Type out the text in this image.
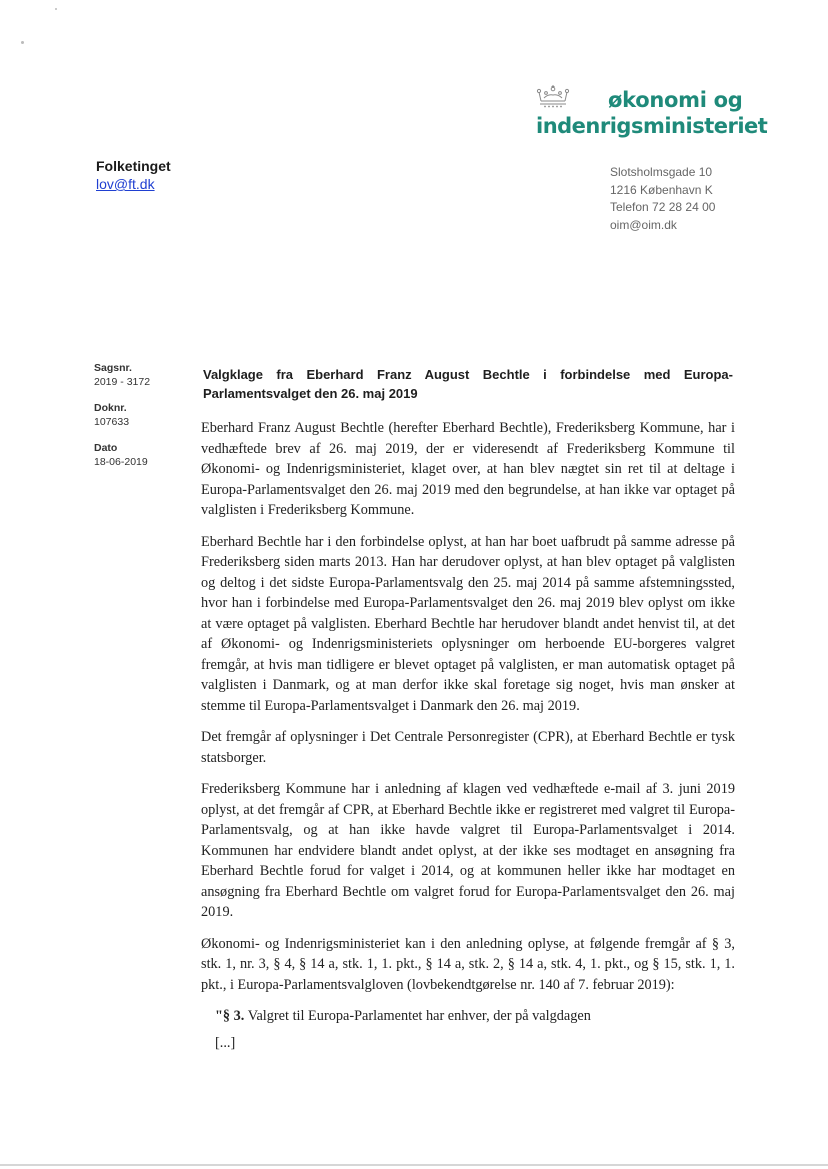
økonomi og
indenrigsministeriet
Folketinget
lov@ft.dk
Slotsholmsgade 10
1216 København K
Telefon 72 28 24 00
oim@oim.dk
Sagsnr.
2019 - 3172
Doknr.
107633
Dato
18-06-2019
Valgklage fra Eberhard Franz August Bechtle i forbindelse med Europa-Parlamentsvalget den 26. maj 2019

Eberhard Franz August Bechtle (herefter Eberhard Bechtle), Frederiksberg Kommune, har i vedhæftede brev af 26. maj 2019, der er videresendt af Frederiksberg Kommune til Økonomi- og Indenrigsministeriet, klaget over, at han blev nægtet sin ret til at deltage i Europa-Parlamentsvalget den 26. maj 2019 med den begrundelse, at han ikke var optaget på valglisten i Frederiksberg Kommune.

Eberhard Bechtle har i den forbindelse oplyst, at han har boet uafbrudt på samme adresse på Frederiksberg siden marts 2013. Han har derudover oplyst, at han blev optaget på valglisten og deltog i det sidste Europa-Parlamentsvalg den 25. maj 2014 på samme afstemningssted, hvor han i forbindelse med Europa-Parlamentsvalget den 26. maj 2019 blev oplyst om ikke at være optaget på valglisten. Eberhard Bechtle har herudover blandt andet henvist til, at det af Økonomi- og Indenrigsministeriets oplysninger om herboende EU-borgeres valgret fremgår, at hvis man tidligere er blevet optaget på valglisten, er man automatisk optaget på valglisten i Danmark, og at man derfor ikke skal foretage sig noget, hvis man ønsker at stemme til Europa-Parlamentsvalget i Danmark den 26. maj 2019.

Det fremgår af oplysninger i Det Centrale Personregister (CPR), at Eberhard Bechtle er tysk statsborger.

Frederiksberg Kommune har i anledning af klagen ved vedhæftede e-mail af 3. juni 2019 oplyst, at det fremgår af CPR, at Eberhard Bechtle ikke er registreret med valgret til Europa-Parlamentsvalg, og at han ikke havde valgret til Europa-Parlamentsvalget i 2014. Kommunen har endvidere blandt andet oplyst, at der ikke ses modtaget en ansøgning fra Eberhard Bechtle forud for valget i 2014, og at kommunen heller ikke har modtaget en ansøgning fra Eberhard Bechtle om valgret forud for Europa-Parlamentsvalget den 26. maj 2019.

Økonomi- og Indenrigsministeriet kan i den anledning oplyse, at følgende fremgår af § 3, stk. 1, nr. 3, § 4, § 14 a, stk. 1, 1. pkt., § 14 a, stk. 2, § 14 a, stk. 4, 1. pkt., og § 15, stk. 1, 1. pkt., i Europa-Parlamentsvalgloven (lovbekendtgørelse nr. 140 af 7. februar 2019):

"§ 3. Valgret til Europa-Parlamentet har enhver, der på valgdagen

[...]
